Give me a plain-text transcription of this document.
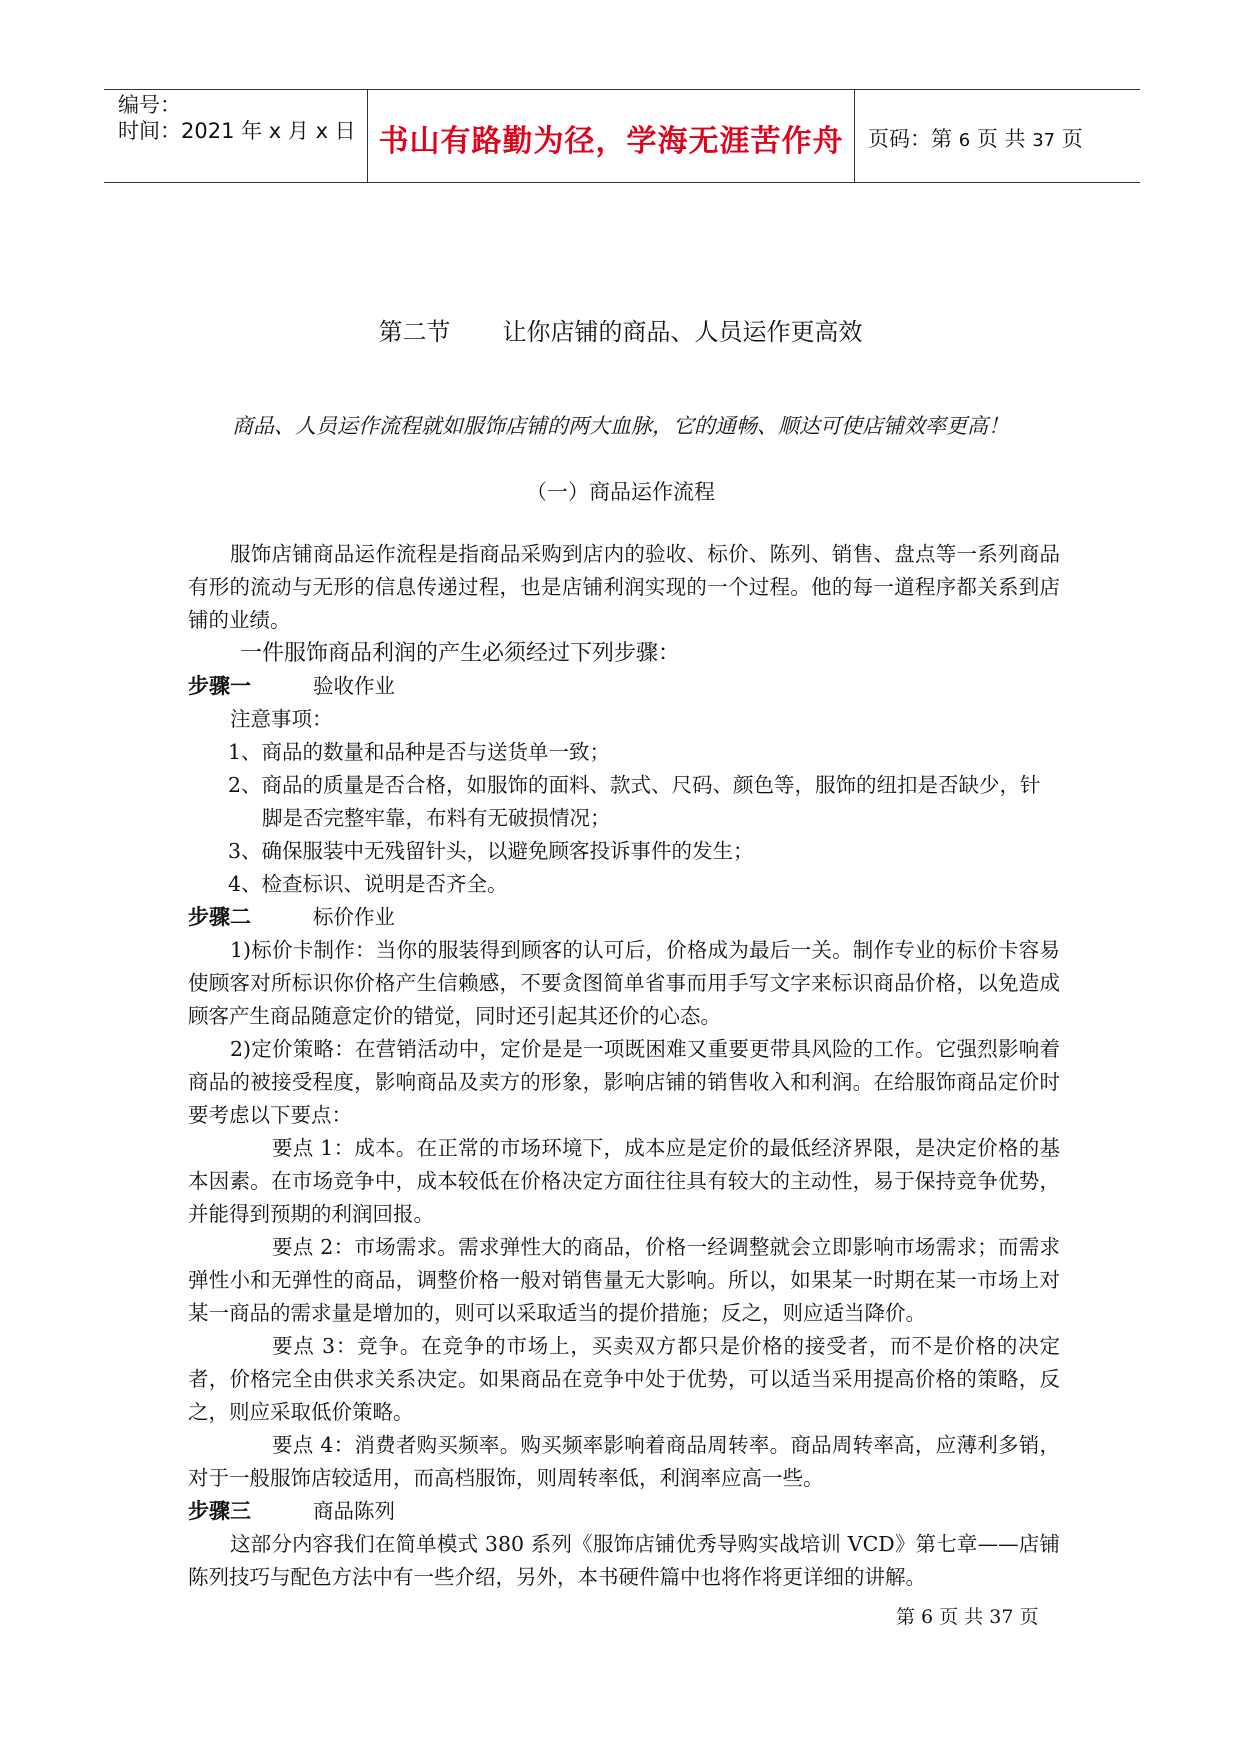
编号：
时间：2021 年 x 月 x 日 书山有路勤为径，学海无涯苦作舟	页码：第 6 页 共 37 页
第二节 让你店铺的商品、人员运作更高效
商品、人员运作流程就如服饰店铺的两大血脉，它的通畅、顺达可使店铺效率更高！
（一）商品运作流程

服饰店铺商品运作流程是指商品采购到店内的验收、标价、陈列、销售、盘点等一系列商品有形的流动与无形的信息传递过程，也是店铺利润实现的一个过程。他的每一道程序都关系到店铺的业绩。

一件服饰商品利润的产生必须经过下列步骤：

步骤一	验收作业

注意事项：

1、商品的数量和品种是否与送货单一致；

2、商品的质量是否合格，如服饰的面料、款式、尺码、颜色等，服饰的纽扣是否缺少，针脚是否完整牢靠，布料有无破损情况；

3、确保服装中无残留针头，以避免顾客投诉事件的发生；

4、检查标识、说明是否齐全。

步骤二	标价作业

1)标价卡制作：当你的服装得到顾客的认可后，价格成为最后一关。制作专业的标价卡容易使顾客对所标识你价格产生信赖感，不要贪图简单省事而用手写文字来标识商品价格，以免造成顾客产生商品随意定价的错觉，同时还引起其还价的心态。

2)定价策略：在营销活动中，定价是是一项既困难又重要更带具风险的工作。它强烈影响着商品的被接受程度，影响商品及卖方的形象，影响店铺的销售收入和利润。在给服饰商品定价时要考虑以下要点：

要点 1：成本。在正常的市场环境下，成本应是定价的最低经济界限，是决定价格的基本因素。在市场竞争中，成本较低在价格决定方面往往具有较大的主动性，易于保持竞争优势，并能得到预期的利润回报。

要点 2：市场需求。需求弹性大的商品，价格一经调整就会立即影响市场需求；而需求弹性小和无弹性的商品，调整价格一般对销售量无大影响。所以，如果某一时期在某一市场上对某一商品的需求量是增加的，则可以采取适当的提价措施；反之，则应适当降价。

要点 3：竞争。在竞争的市场上，买卖双方都只是价格的接受者，而不是价格的决定者，价格完全由供求关系决定。如果商品在竞争中处于优势，可以适当采用提高价格的策略，反之，则应采取低价策略。

要点 4：消费者购买频率。购买频率影响着商品周转率。商品周转率高，应薄利多销，对于一般服饰店较适用，而高档服饰，则周转率低，利润率应高一些。

步骤三	商品陈列

这部分内容我们在简单模式 380 系列《服饰店铺优秀导购实战培训 VCD》第七章——店铺陈列技巧与配色方法中有一些介绍，另外，本书硬件篇中也将作将更详细的讲解。

第 6 页 共 37 页
